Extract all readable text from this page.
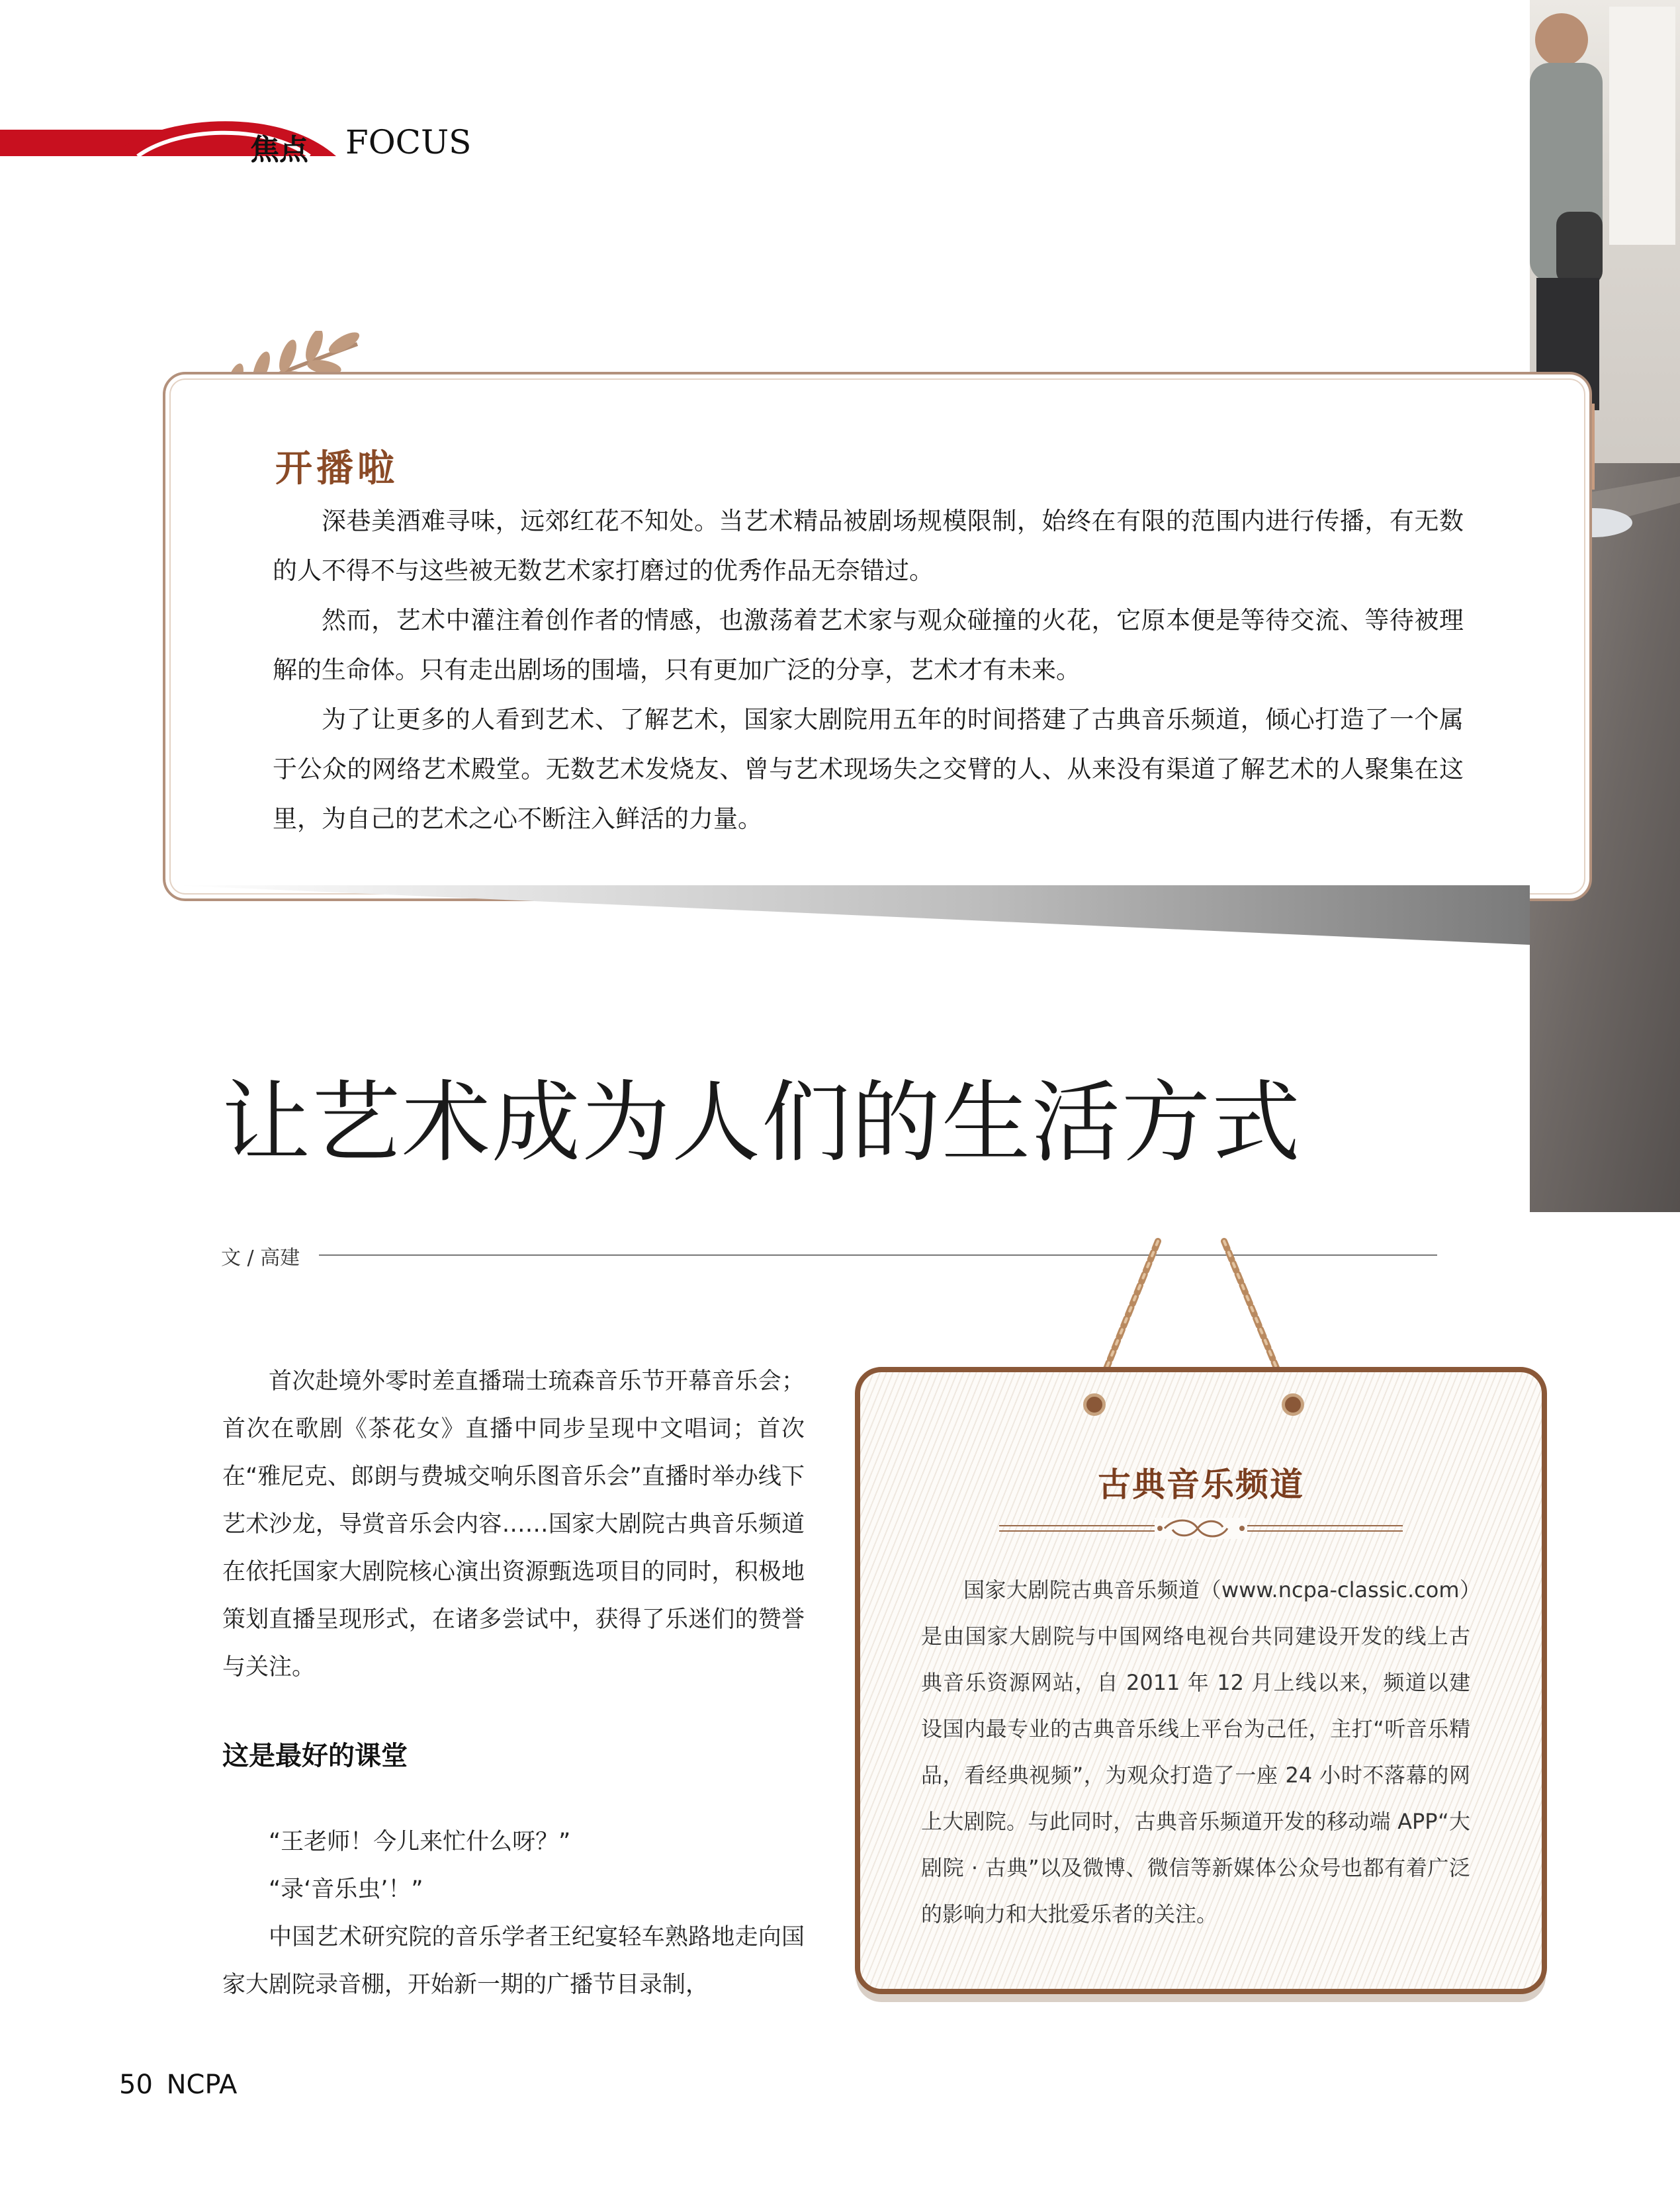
焦点 FOCUS
开播啦

深巷美酒难寻味，远郊红花不知处。当艺术精品被剧场规模限制，始终在有限的范围内进行传播，有无数的人不得不与这些被无数艺术家打磨过的优秀作品无奈错过。

然而，艺术中灌注着创作者的情感，也激荡着艺术家与观众碰撞的火花，它原本便是等待交流、等待被理解的生命体。只有走出剧场的围墙，只有更加广泛的分享，艺术才有未来。

为了让更多的人看到艺术、了解艺术，国家大剧院用五年的时间搭建了古典音乐频道，倾心打造了一个属于公众的网络艺术殿堂。无数艺术发烧友、曾与艺术现场失之交臂的人、从来没有渠道了解艺术的人聚集在这里，为自己的艺术之心不断注入鲜活的力量。

让艺术成为人们的生活方式
文 / 高建

首次赴境外零时差直播瑞士琉森音乐节开幕音乐会；首次在歌剧《茶花女》直播中同步呈现中文唱词；首次在“雅尼克、郎朗与费城交响乐图音乐会”直播时举办线下艺术沙龙，导赏音乐会内容……国家大剧院古典音乐频道在依托国家大剧院核心演出资源甄选项目的同时，积极地策划直播呈现形式，在诸多尝试中，获得了乐迷们的赞誉与关注。

这是最好的课堂

“王老师！今儿来忙什么呀？”

“录‘音乐虫’！”

中国艺术研究院的音乐学者王纪宴轻车熟路地走向国家大剧院录音棚，开始新一期的广播节目录制，

古典音乐频道

国家大剧院古典音乐频道（www.ncpa-classic.com）是由国家大剧院与中国网络电视台共同建设开发的线上古典音乐资源网站，自 2011 年 12 月上线以来，频道以建设国内最专业的古典音乐线上平台为己任，主打“听音乐精品，看经典视频”，为观众打造了一座 24 小时不落幕的网上大剧院。与此同时，古典音乐频道开发的移动端 APP“大剧院 · 古典”以及微博、微信等新媒体公众号也都有着广泛的影响力和大批爱乐者的关注。

50 NCPA
